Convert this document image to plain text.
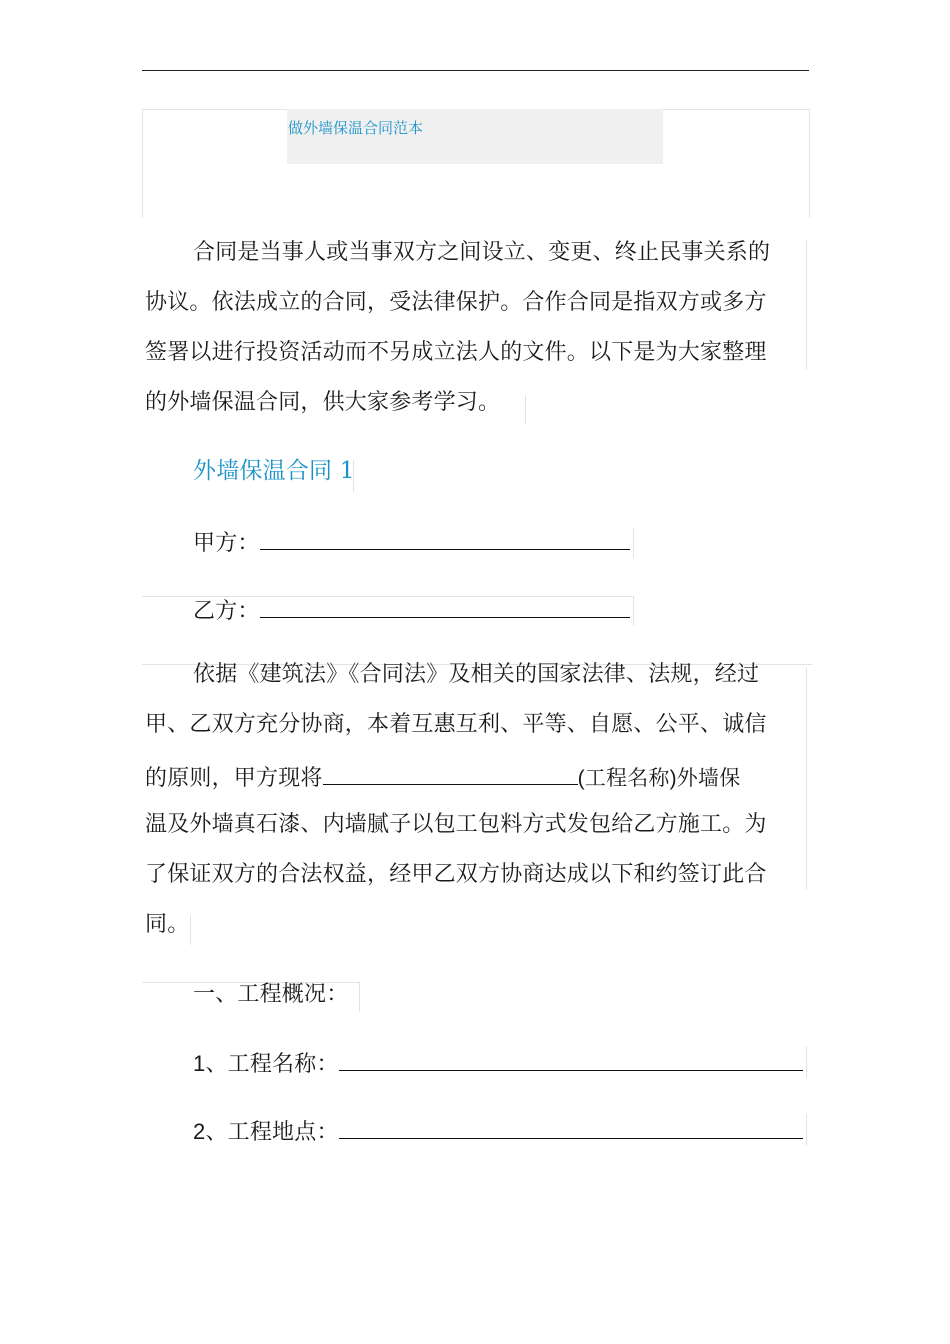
做外墙保温合同范本
合同是当事人或当事双方之间设立、变更、终止民事关系的
协议。依法成立的合同，受法律保护。合作合同是指双方或多方
签署以进行投资活动而不另成立法人的文件。以下是为大家整理
的外墙保温合同，供大家参考学习。
外墙保温合同 1
甲方：
乙方：
依据《建筑法》《合同法》及相关的国家法律、法规，经过
甲、乙双方充分协商，本着互惠互利、平等、自愿、公平、诚信
的原则，甲方现将	(工程名称)外墙保
温及外墙真石漆、内墙腻子以包工包料方式发包给乙方施工。为
了保证双方的合法权益，经甲乙双方协商达成以下和约签订此合
同。
一、工程概况：
1、工程名称：
2、工程地点：
